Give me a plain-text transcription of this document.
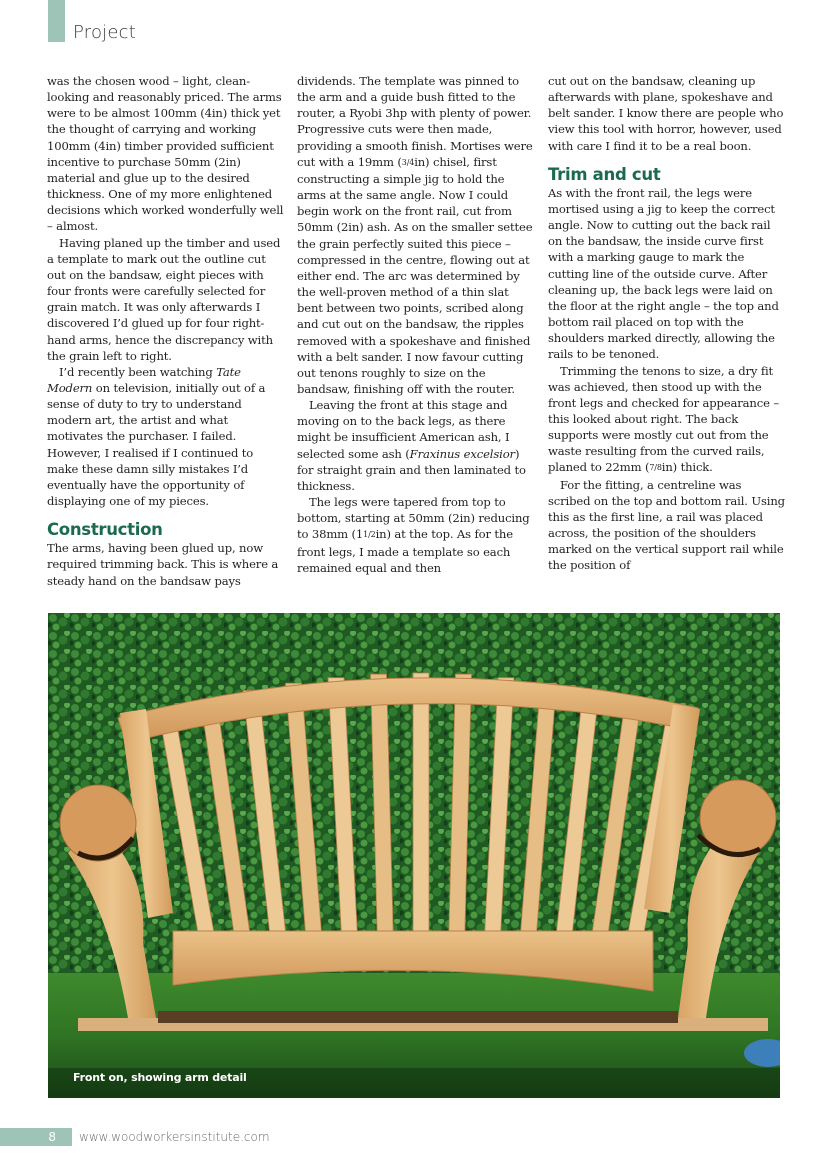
Project

was the chosen wood – light, clean-looking and reasonably priced. The arms were to be almost 100mm (4in) thick yet the thought of carrying and working 100mm (4in) timber provided sufficient incentive to purchase 50mm (2in) material and glue up to the desired thickness. One of my more enlightened decisions which worked wonderfully well – almost.

Having planed up the timber and used a template to mark out the outline cut out on the bandsaw, eight pieces with four fronts were carefully selected for grain match. It was only afterwards I discovered I’d glued up for four right-hand arms, hence the discrepancy with the grain left to right.

I’d recently been watching Tate Modern on television, initially out of a sense of duty to try to understand modern art, the artist and what motivates the purchaser. I failed. However, I realised if I continued to make these damn silly mistakes I’d eventually have the opportunity of displaying one of my pieces.

Construction

The arms, having been glued up, now required trimming back. This is where a steady hand on the bandsaw pays

dividends. The template was pinned to the arm and a guide bush fitted to the router, a Ryobi 3hp with plenty of power. Progressive cuts were then made, providing a smooth finish. Mortises were cut with a 19mm (3/4in) chisel, first constructing a simple jig to hold the arms at the same angle. Now I could begin work on the front rail, cut from 50mm (2in) ash. As on the smaller settee the grain perfectly suited this piece – compressed in the centre, flowing out at either end. The arc was determined by the well-proven method of a thin slat bent between two points, scribed along and cut out on the bandsaw, the ripples removed with a spokeshave and finished with a belt sander. I now favour cutting out tenons roughly to size on the bandsaw, finishing off with the router.

Leaving the front at this stage and moving on to the back legs, as there might be insufficient American ash, I selected some ash (Fraxinus excelsior) for straight grain and then laminated to thickness.

The legs were tapered from top to bottom, starting at 50mm (2in) reducing to 38mm (11/2in) at the top. As for the front legs, I made a template so each remained equal and then

cut out on the bandsaw, cleaning up afterwards with plane, spokeshave and belt sander. I know there are people who view this tool with horror, however, used with care I find it to be a real boon.

Trim and cut

As with the front rail, the legs were mortised using a jig to keep the correct angle. Now to cutting out the back rail on the bandsaw, the inside curve first with a marking gauge to mark the cutting line of the outside curve. After cleaning up, the back legs were laid on the floor at the right angle – the top and bottom rail placed on top with the shoulders marked directly, allowing the rails to be tenoned.

Trimming the tenons to size, a dry fit was achieved, then stood up with the front legs and checked for appearance – this looked about right. The back supports were mostly cut out from the waste resulting from the curved rails, planed to 22mm (7/8in) thick.

For the fitting, a centreline was scribed on the top and bottom rail. Using this as the first line, a rail was placed across, the position of the shoulders marked on the vertical support rail while the position of

Front on, showing arm detail
8	www.woodworkersinstitute.com
